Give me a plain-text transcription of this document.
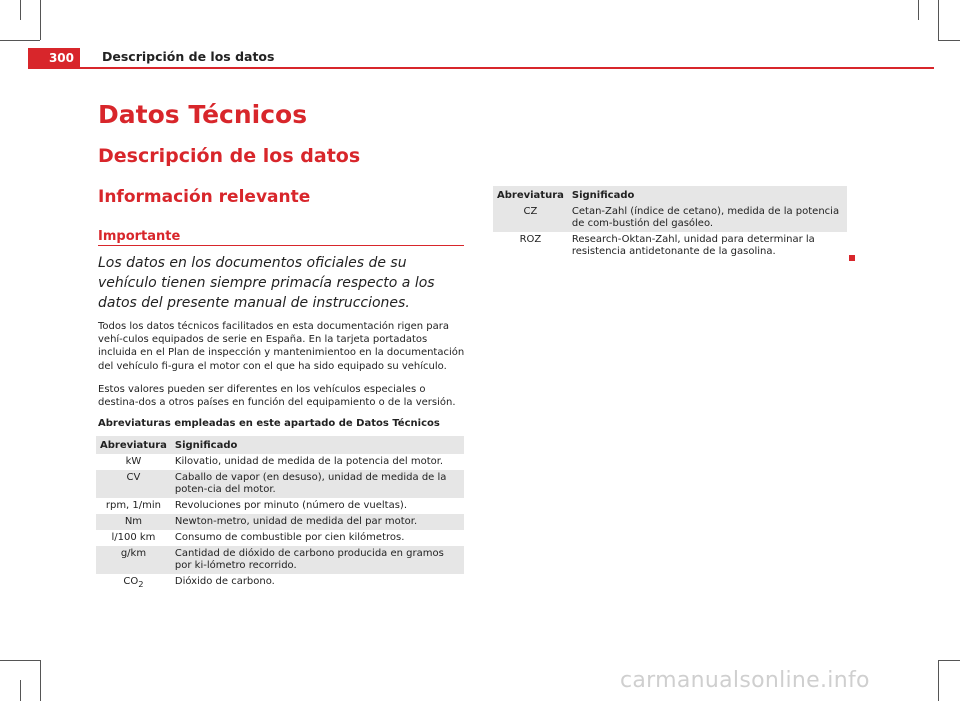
300	Descripción de los datos
Datos Técnicos
Descripción de los datos
Información relevante
Importante
Los datos en los documentos oficiales de su vehículo tienen siempre primacía respecto a los datos del presente manual de instrucciones.
Todos los datos técnicos facilitados en esta documentación rigen para vehí-culos equipados de serie en España. En la tarjeta portadatos incluida en el Plan de inspección y mantenimientoo en la documentación del vehículo fi-gura el motor con el que ha sido equipado su vehículo.
Estos valores pueden ser diferentes en los vehículos especiales o destina-dos a otros países en función del equipamiento o de la versión.
Abreviaturas empleadas en este apartado de Datos Técnicos
Abreviatura	Significado
kW	Kilovatio, unidad de medida de la potencia del motor.
CV	Caballo de vapor (en desuso), unidad de medida de la poten-cia del motor.
rpm, 1/min	Revoluciones por minuto (número de vueltas).
Nm	Newton-metro, unidad de medida del par motor.
l/100 km	Consumo de combustible por cien kilómetros.
g/km	Cantidad de dióxido de carbono producida en gramos por ki-lómetro recorrido.
$CO_2$	Dióxido de carbono.
Abreviatura	Significado
CZ	Cetan-Zahl (índice de cetano), medida de la potencia de com-bustión del gasóleo.
ROZ	Research-Oktan-Zahl, unidad para determinar la resistencia antidetonante de la gasolina.
carmanualsonline.info
